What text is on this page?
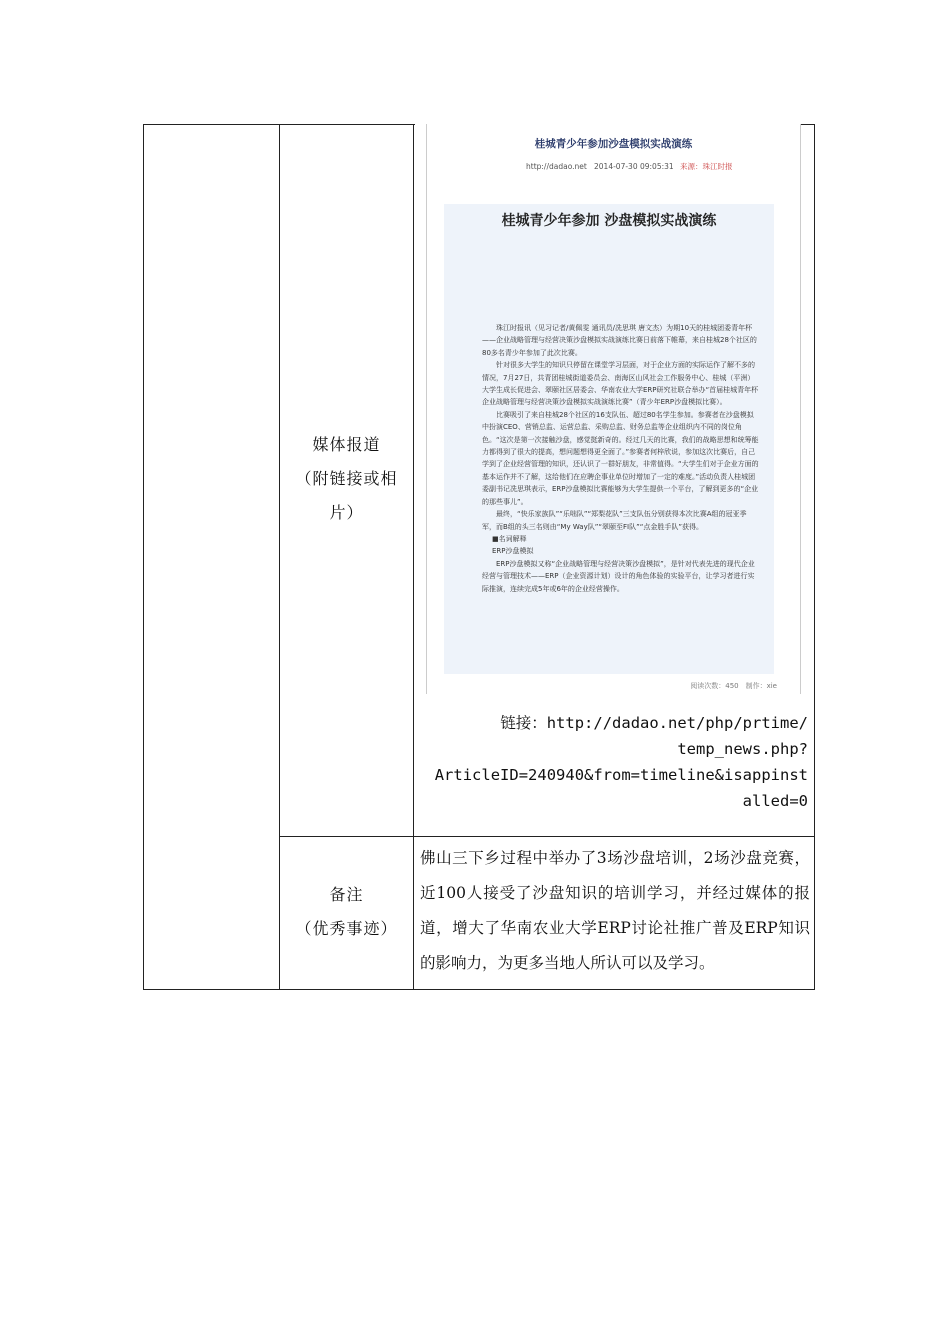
媒体报道
（附链接或相
片）
桂城青少年参加沙盘模拟实战演练
http://dadao.net 2014-07-30 09:05:31 来源：珠江时报
桂城青少年参加 沙盘模拟实战演练

珠江时报讯（见习记者/黄佩雯 通讯员/冼思琪 唐文杰）为期10天的桂城团委青年杯——企业战略管理与经营决策沙盘模拟实战演练比赛日前落下帷幕，来自桂城28个社区的80多名青少年参加了此次比赛。

针对很多大学生的知识只停留在课堂学习层面，对于企业方面的实际运作了解不多的情况，7月27日，共青团桂城街道委员会、南海区山风社会工作服务中心、桂城（平洲）大学生成长促进会、翠颐社区居委会、华南农业大学ERP研究社联合举办“首届桂城青年杯企业战略管理与经营决策沙盘模拟实战演练比赛”（青少年ERP沙盘模拟比赛）。

比赛吸引了来自桂城28个社区的16支队伍、超过80名学生参加。参赛者在沙盘模拟中扮演CEO、营销总监、运营总监、采购总监、财务总监等企业组织内不同的岗位角色。“这次是第一次接触沙盘，感觉挺新奇的。经过几天的比赛，我们的战略思想和统筹能力都得到了很大的提高，想问题想得更全面了。”参赛者何梓欣说，参加这次比赛后，自己学到了企业经营管理的知识，还认识了一群好朋友，非常值得。“大学生们对于企业方面的基本运作并不了解，这给他们在应聘企事业单位时增加了一定的难度。”活动负责人桂城团委副书记冼思琪表示，ERP沙盘模拟比赛能够为大学生提供一个平台，了解到更多的“企业的那些事儿”。

最终，“快乐家族队”“乐咄队”“郑梨花队”三支队伍分别获得本次比赛A组的冠亚季军，而B组的头三名则由“My Way队”“翠颐至FI队”“点金胜手队”获得。

■名词解释

ERP沙盘模拟

ERP沙盘模拟又称“企业战略管理与经营决策沙盘模拟”，是针对代表先进的现代企业经营与管理技术——ERP（企业资源计划）设计的角色体验的实验平台，让学习者进行实际推演，连续完成5年或6年的企业经营操作。

阅读次数：450　制作：xie
链接：http://dadao.net/php/prtime/
temp_news.php?
ArticleID=240940&from=timeline&isappinst
alled=0
备注
（优秀事迹）
佛山三下乡过程中举办了3场沙盘培训，2场沙盘竞赛，近100人接受了沙盘知识的培训学习，并经过媒体的报道，增大了华南农业大学ERP讨论社推广普及ERP知识的影响力，为更多当地人所认可以及学习。
